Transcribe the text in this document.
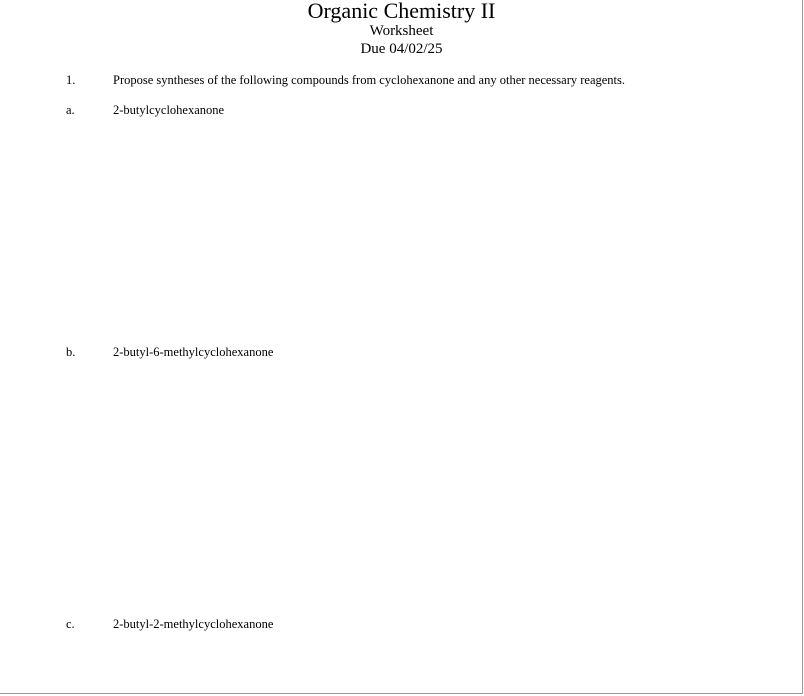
Organic Chemistry II
Worksheet
Due 04/02/25
1.	Propose syntheses of the following compounds from cyclohexanone and any other necessary reagents.
a.	2-butylcyclohexanone
b.	2-butyl-6-methylcyclohexanone
c.	2-butyl-2-methylcyclohexanone
